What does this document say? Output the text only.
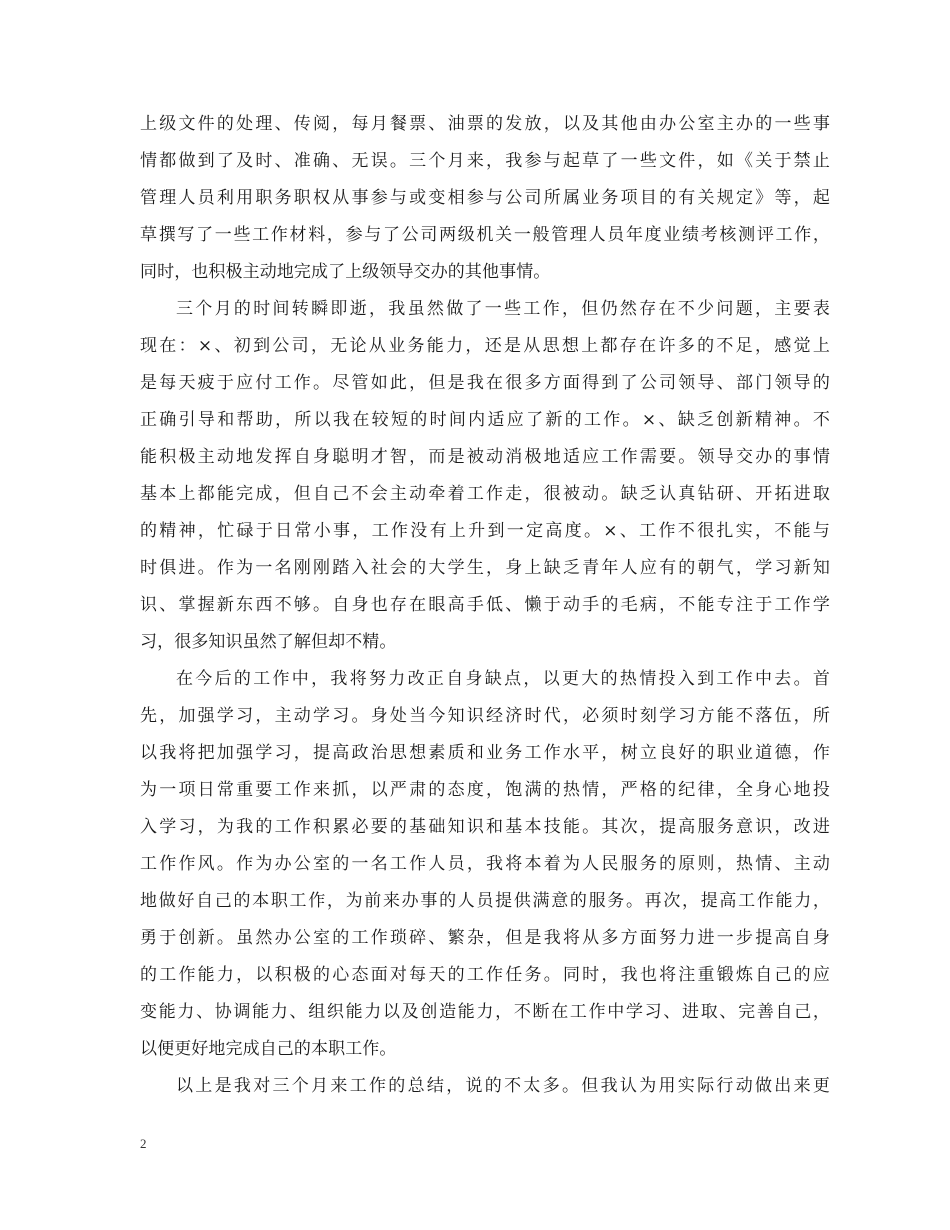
上级文件的处理、传阅，每月餐票、油票的发放，以及其他由办公室主办的一些事
情都做到了及时、准确、无误。三个月来，我参与起草了一些文件，如《关于禁止
管理人员利用职务职权从事参与或变相参与公司所属业务项目的有关规定》等，起
草撰写了一些工作材料，参与了公司两级机关一般管理人员年度业绩考核测评工作，
同时，也积极主动地完成了上级领导交办的其他事情。
三个月的时间转瞬即逝，我虽然做了一些工作，但仍然存在不少问题，主要表
现在：×、初到公司，无论从业务能力，还是从思想上都存在许多的不足，感觉上
是每天疲于应付工作。尽管如此，但是我在很多方面得到了公司领导、部门领导的
正确引导和帮助，所以我在较短的时间内适应了新的工作。×、缺乏创新精神。不
能积极主动地发挥自身聪明才智，而是被动消极地适应工作需要。领导交办的事情
基本上都能完成，但自己不会主动牵着工作走，很被动。缺乏认真钻研、开拓进取
的精神，忙碌于日常小事，工作没有上升到一定高度。×、工作不很扎实，不能与
时俱进。作为一名刚刚踏入社会的大学生，身上缺乏青年人应有的朝气，学习新知
识、掌握新东西不够。自身也存在眼高手低、懒于动手的毛病，不能专注于工作学
习，很多知识虽然了解但却不精。
在今后的工作中，我将努力改正自身缺点，以更大的热情投入到工作中去。首
先，加强学习，主动学习。身处当今知识经济时代，必须时刻学习方能不落伍，所
以我将把加强学习，提高政治思想素质和业务工作水平，树立良好的职业道德，作
为一项日常重要工作来抓，以严肃的态度，饱满的热情，严格的纪律，全身心地投
入学习，为我的工作积累必要的基础知识和基本技能。其次，提高服务意识，改进
工作作风。作为办公室的一名工作人员，我将本着为人民服务的原则，热情、主动
地做好自己的本职工作，为前来办事的人员提供满意的服务。再次，提高工作能力，
勇于创新。虽然办公室的工作琐碎、繁杂，但是我将从多方面努力进一步提高自身
的工作能力，以积极的心态面对每天的工作任务。同时，我也将注重锻炼自己的应
变能力、协调能力、组织能力以及创造能力，不断在工作中学习、进取、完善自己，
以便更好地完成自己的本职工作。
以上是我对三个月来工作的总结，说的不太多。但我认为用实际行动做出来更
2
